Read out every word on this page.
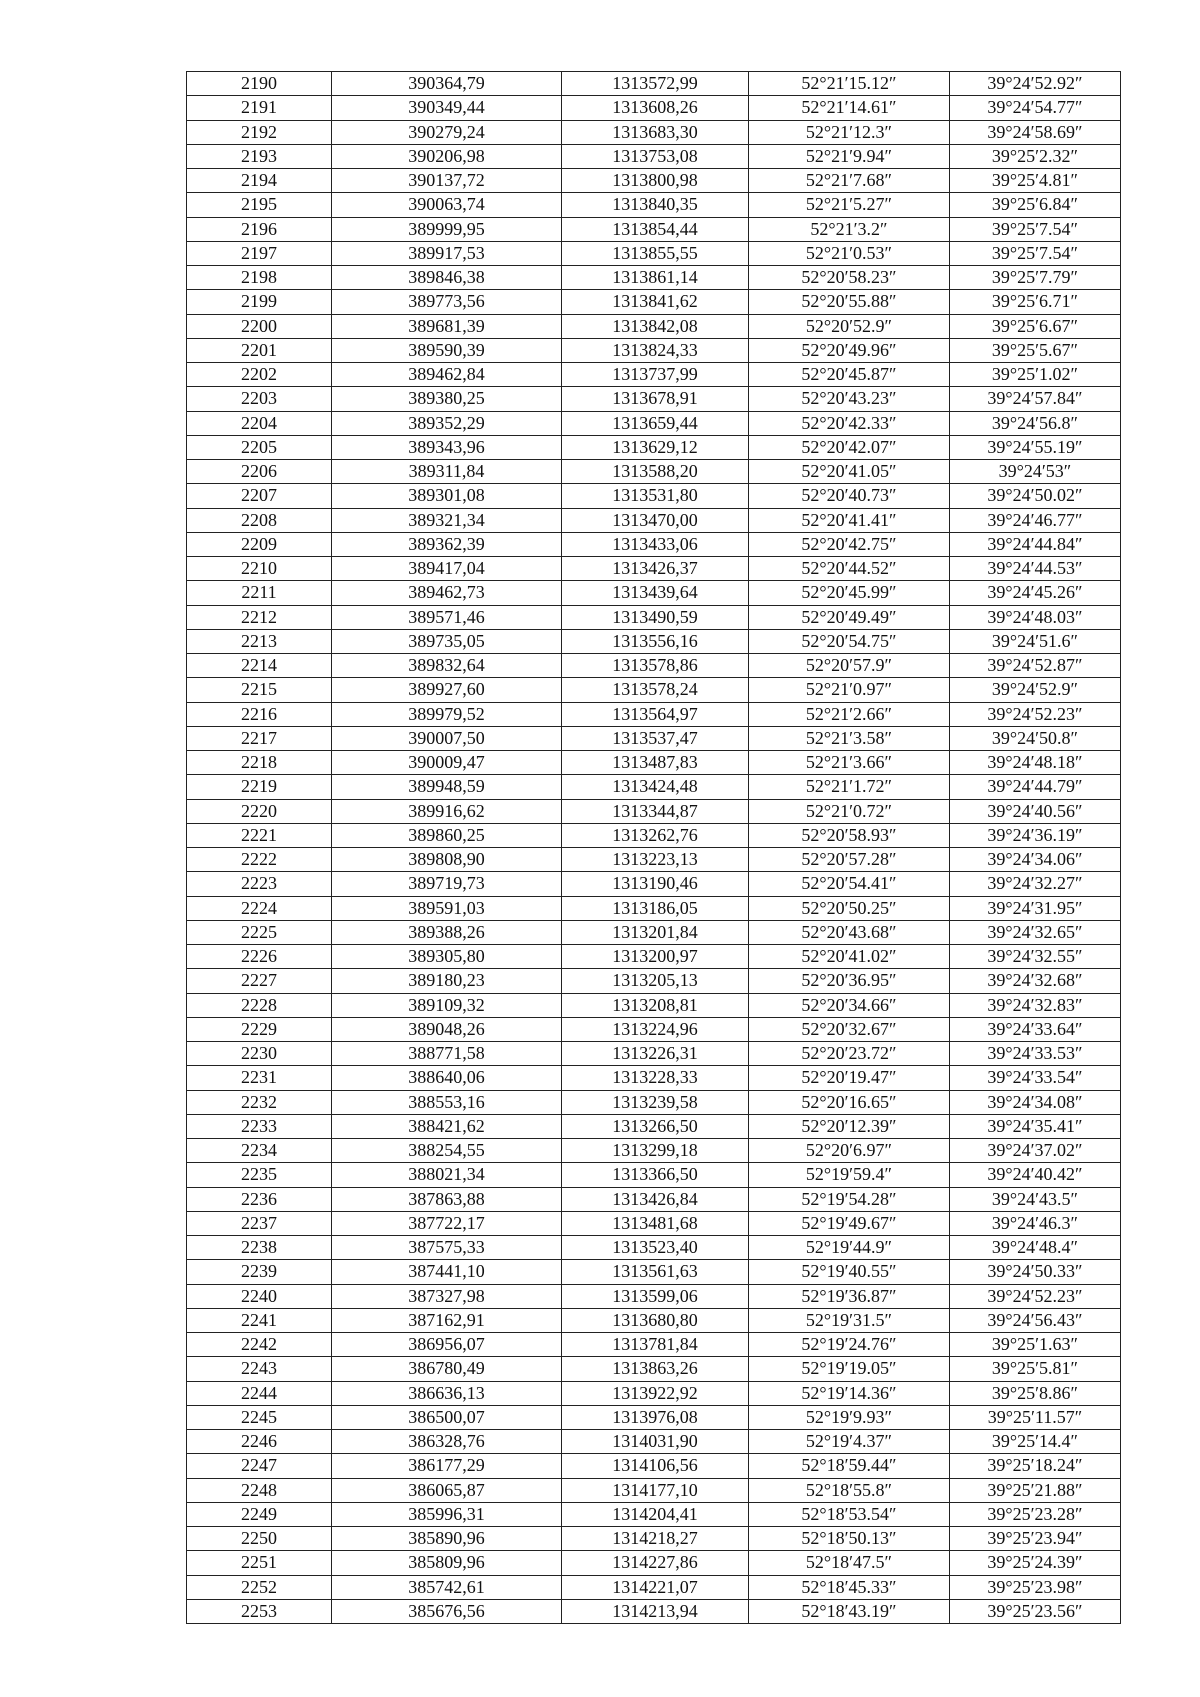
2190	390364,79	1313572,99	52°21′15.12″	39°24′52.92″
2191	390349,44	1313608,26	52°21′14.61″	39°24′54.77″
2192	390279,24	1313683,30	52°21′12.3″	39°24′58.69″
2193	390206,98	1313753,08	52°21′9.94″	39°25′2.32″
2194	390137,72	1313800,98	52°21′7.68″	39°25′4.81″
2195	390063,74	1313840,35	52°21′5.27″	39°25′6.84″
2196	389999,95	1313854,44	52°21′3.2″	39°25′7.54″
2197	389917,53	1313855,55	52°21′0.53″	39°25′7.54″
2198	389846,38	1313861,14	52°20′58.23″	39°25′7.79″
2199	389773,56	1313841,62	52°20′55.88″	39°25′6.71″
2200	389681,39	1313842,08	52°20′52.9″	39°25′6.67″
2201	389590,39	1313824,33	52°20′49.96″	39°25′5.67″
2202	389462,84	1313737,99	52°20′45.87″	39°25′1.02″
2203	389380,25	1313678,91	52°20′43.23″	39°24′57.84″
2204	389352,29	1313659,44	52°20′42.33″	39°24′56.8″
2205	389343,96	1313629,12	52°20′42.07″	39°24′55.19″
2206	389311,84	1313588,20	52°20′41.05″	39°24′53″
2207	389301,08	1313531,80	52°20′40.73″	39°24′50.02″
2208	389321,34	1313470,00	52°20′41.41″	39°24′46.77″
2209	389362,39	1313433,06	52°20′42.75″	39°24′44.84″
2210	389417,04	1313426,37	52°20′44.52″	39°24′44.53″
2211	389462,73	1313439,64	52°20′45.99″	39°24′45.26″
2212	389571,46	1313490,59	52°20′49.49″	39°24′48.03″
2213	389735,05	1313556,16	52°20′54.75″	39°24′51.6″
2214	389832,64	1313578,86	52°20′57.9″	39°24′52.87″
2215	389927,60	1313578,24	52°21′0.97″	39°24′52.9″
2216	389979,52	1313564,97	52°21′2.66″	39°24′52.23″
2217	390007,50	1313537,47	52°21′3.58″	39°24′50.8″
2218	390009,47	1313487,83	52°21′3.66″	39°24′48.18″
2219	389948,59	1313424,48	52°21′1.72″	39°24′44.79″
2220	389916,62	1313344,87	52°21′0.72″	39°24′40.56″
2221	389860,25	1313262,76	52°20′58.93″	39°24′36.19″
2222	389808,90	1313223,13	52°20′57.28″	39°24′34.06″
2223	389719,73	1313190,46	52°20′54.41″	39°24′32.27″
2224	389591,03	1313186,05	52°20′50.25″	39°24′31.95″
2225	389388,26	1313201,84	52°20′43.68″	39°24′32.65″
2226	389305,80	1313200,97	52°20′41.02″	39°24′32.55″
2227	389180,23	1313205,13	52°20′36.95″	39°24′32.68″
2228	389109,32	1313208,81	52°20′34.66″	39°24′32.83″
2229	389048,26	1313224,96	52°20′32.67″	39°24′33.64″
2230	388771,58	1313226,31	52°20′23.72″	39°24′33.53″
2231	388640,06	1313228,33	52°20′19.47″	39°24′33.54″
2232	388553,16	1313239,58	52°20′16.65″	39°24′34.08″
2233	388421,62	1313266,50	52°20′12.39″	39°24′35.41″
2234	388254,55	1313299,18	52°20′6.97″	39°24′37.02″
2235	388021,34	1313366,50	52°19′59.4″	39°24′40.42″
2236	387863,88	1313426,84	52°19′54.28″	39°24′43.5″
2237	387722,17	1313481,68	52°19′49.67″	39°24′46.3″
2238	387575,33	1313523,40	52°19′44.9″	39°24′48.4″
2239	387441,10	1313561,63	52°19′40.55″	39°24′50.33″
2240	387327,98	1313599,06	52°19′36.87″	39°24′52.23″
2241	387162,91	1313680,80	52°19′31.5″	39°24′56.43″
2242	386956,07	1313781,84	52°19′24.76″	39°25′1.63″
2243	386780,49	1313863,26	52°19′19.05″	39°25′5.81″
2244	386636,13	1313922,92	52°19′14.36″	39°25′8.86″
2245	386500,07	1313976,08	52°19′9.93″	39°25′11.57″
2246	386328,76	1314031,90	52°19′4.37″	39°25′14.4″
2247	386177,29	1314106,56	52°18′59.44″	39°25′18.24″
2248	386065,87	1314177,10	52°18′55.8″	39°25′21.88″
2249	385996,31	1314204,41	52°18′53.54″	39°25′23.28″
2250	385890,96	1314218,27	52°18′50.13″	39°25′23.94″
2251	385809,96	1314227,86	52°18′47.5″	39°25′24.39″
2252	385742,61	1314221,07	52°18′45.33″	39°25′23.98″
2253	385676,56	1314213,94	52°18′43.19″	39°25′23.56″
